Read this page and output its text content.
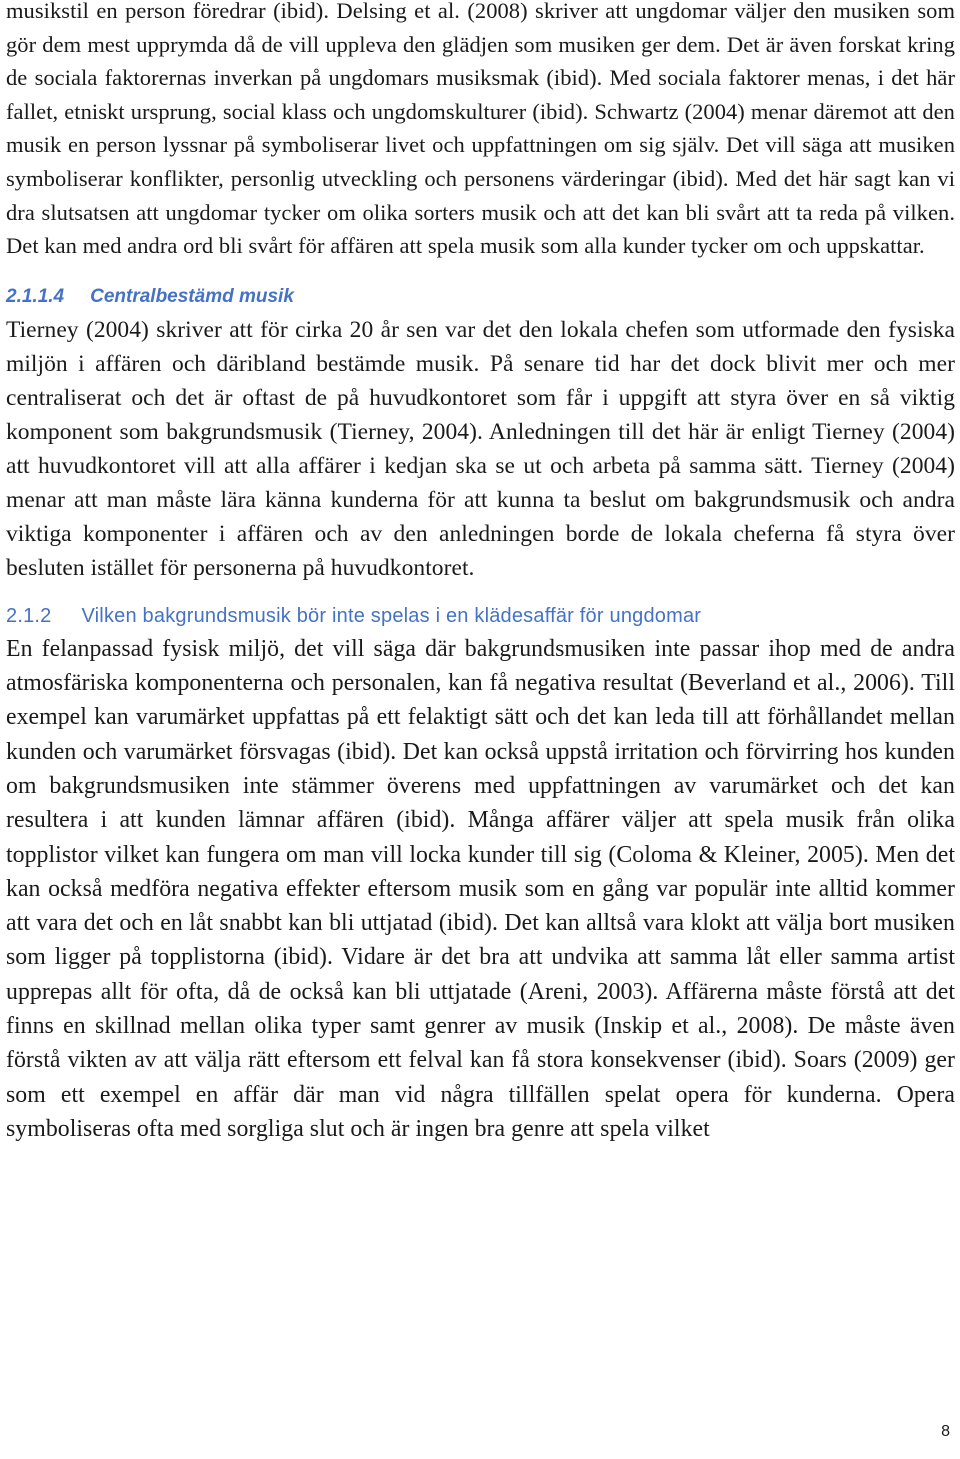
musikstil en person föredrar (ibid). Delsing et al. (2008) skriver att ungdomar väljer den musiken som gör dem mest upprymda då de vill uppleva den glädjen som musiken ger dem. Det är även forskat kring de sociala faktorernas inverkan på ungdomars musiksmak (ibid). Med sociala faktorer menas, i det här fallet, etniskt ursprung, social klass och ungdomskulturer (ibid). Schwartz (2004) menar däremot att den musik en person lyssnar på symboliserar livet och uppfattningen om sig själv. Det vill säga att musiken symboliserar konflikter, personlig utveckling och personens värderingar (ibid). Med det här sagt kan vi dra slutsatsen att ungdomar tycker om olika sorters musik och att det kan bli svårt att ta reda på vilken. Det kan med andra ord bli svårt för affären att spela musik som alla kunder tycker om och uppskattar.

2.1.1.4 Centralbestämd musik

Tierney (2004) skriver att för cirka 20 år sen var det den lokala chefen som utformade den fysiska miljön i affären och däribland bestämde musik. På senare tid har det dock blivit mer och mer centraliserat och det är oftast de på huvudkontoret som får i uppgift att styra över en så viktig komponent som bakgrundsmusik (Tierney, 2004). Anledningen till det här är enligt Tierney (2004) att huvudkontoret vill att alla affärer i kedjan ska se ut och arbeta på samma sätt. Tierney (2004) menar att man måste lära känna kunderna för att kunna ta beslut om bakgrundsmusik och andra viktiga komponenter i affären och av den anledningen borde de lokala cheferna få styra över besluten istället för personerna på huvudkontoret.

2.1.2 Vilken bakgrundsmusik bör inte spelas i en klädesaffär för ungdomar

En felanpassad fysisk miljö, det vill säga där bakgrundsmusiken inte passar ihop med de andra atmosfäriska komponenterna och personalen, kan få negativa resultat (Beverland et al., 2006). Till exempel kan varumärket uppfattas på ett felaktigt sätt och det kan leda till att förhållandet mellan kunden och varumärket försvagas (ibid). Det kan också uppstå irritation och förvirring hos kunden om bakgrundsmusiken inte stämmer överens med uppfattningen av varumärket och det kan resultera i att kunden lämnar affären (ibid). Många affärer väljer att spela musik från olika topplistor vilket kan fungera om man vill locka kunder till sig (Coloma & Kleiner, 2005). Men det kan också medföra negativa effekter eftersom musik som en gång var populär inte alltid kommer att vara det och en låt snabbt kan bli uttjatad (ibid). Det kan alltså vara klokt att välja bort musiken som ligger på topplistorna (ibid). Vidare är det bra att undvika att samma låt eller samma artist upprepas allt för ofta, då de också kan bli uttjatade (Areni, 2003). Affärerna måste förstå att det finns en skillnad mellan olika typer samt genrer av musik (Inskip et al., 2008). De måste även förstå vikten av att välja rätt eftersom ett felval kan få stora konsekvenser (ibid). Soars (2009) ger som ett exempel en affär där man vid några tillfällen spelat opera för kunderna. Opera symboliseras ofta med sorgliga slut och är ingen bra genre att spela vilket

8
